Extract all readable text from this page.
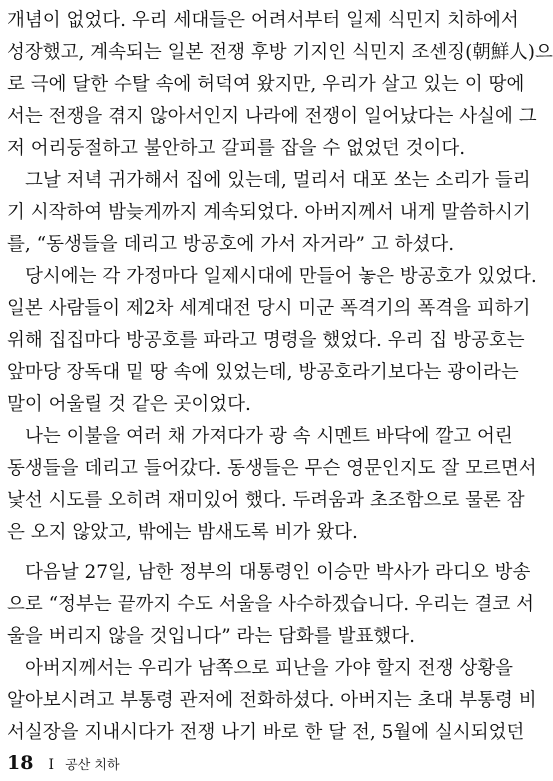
개념이 없었다. 우리 세대들은 어려서부터 일제 식민지 치하에서
성장했고, 계속되는 일본 전쟁 후방 기지인 식민지 조센징(朝鮮人)으
로 극에 달한 수탈 속에 허덕여 왔지만, 우리가 살고 있는 이 땅에
서는 전쟁을 겪지 않아서인지 나라에 전쟁이 일어났다는 사실에 그
저 어리둥절하고 불안하고 갈피를 잡을 수 없었던 것이다.
그날 저녁 귀가해서 집에 있는데, 멀리서 대포 쏘는 소리가 들리
기 시작하여 밤늦게까지 계속되었다. 아버지께서 내게 말씀하시기
를, “동생들을 데리고 방공호에 가서 자거라” 고 하셨다.
당시에는 각 가정마다 일제시대에 만들어 놓은 방공호가 있었다.
일본 사람들이 제2차 세계대전 당시 미군 폭격기의 폭격을 피하기
위해 집집마다 방공호를 파라고 명령을 했었다. 우리 집 방공호는
앞마당 장독대 밑 땅 속에 있었는데, 방공호라기보다는 광이라는
말이 어울릴 것 같은 곳이었다.
나는 이불을 여러 채 가져다가 광 속 시멘트 바닥에 깔고 어린
동생들을 데리고 들어갔다. 동생들은 무슨 영문인지도 잘 모르면서
낯선 시도를 오히려 재미있어 했다. 두려움과 초조함으로 물론 잠
은 오지 않았고, 밖에는 밤새도록 비가 왔다.
다음날 27일, 남한 정부의 대통령인 이승만 박사가 라디오 방송
으로 “정부는 끝까지 수도 서울을 사수하겠습니다. 우리는 결코 서
울을 버리지 않을 것입니다” 라는 담화를 발표했다.
아버지께서는 우리가 남쪽으로 피난을 가야 할지 전쟁 상황을
알아보시려고 부통령 관저에 전화하셨다. 아버지는 초대 부통령 비
서실장을 지내시다가 전쟁 나기 바로 한 달 전, 5월에 실시되었던
18 I 공산 치하
